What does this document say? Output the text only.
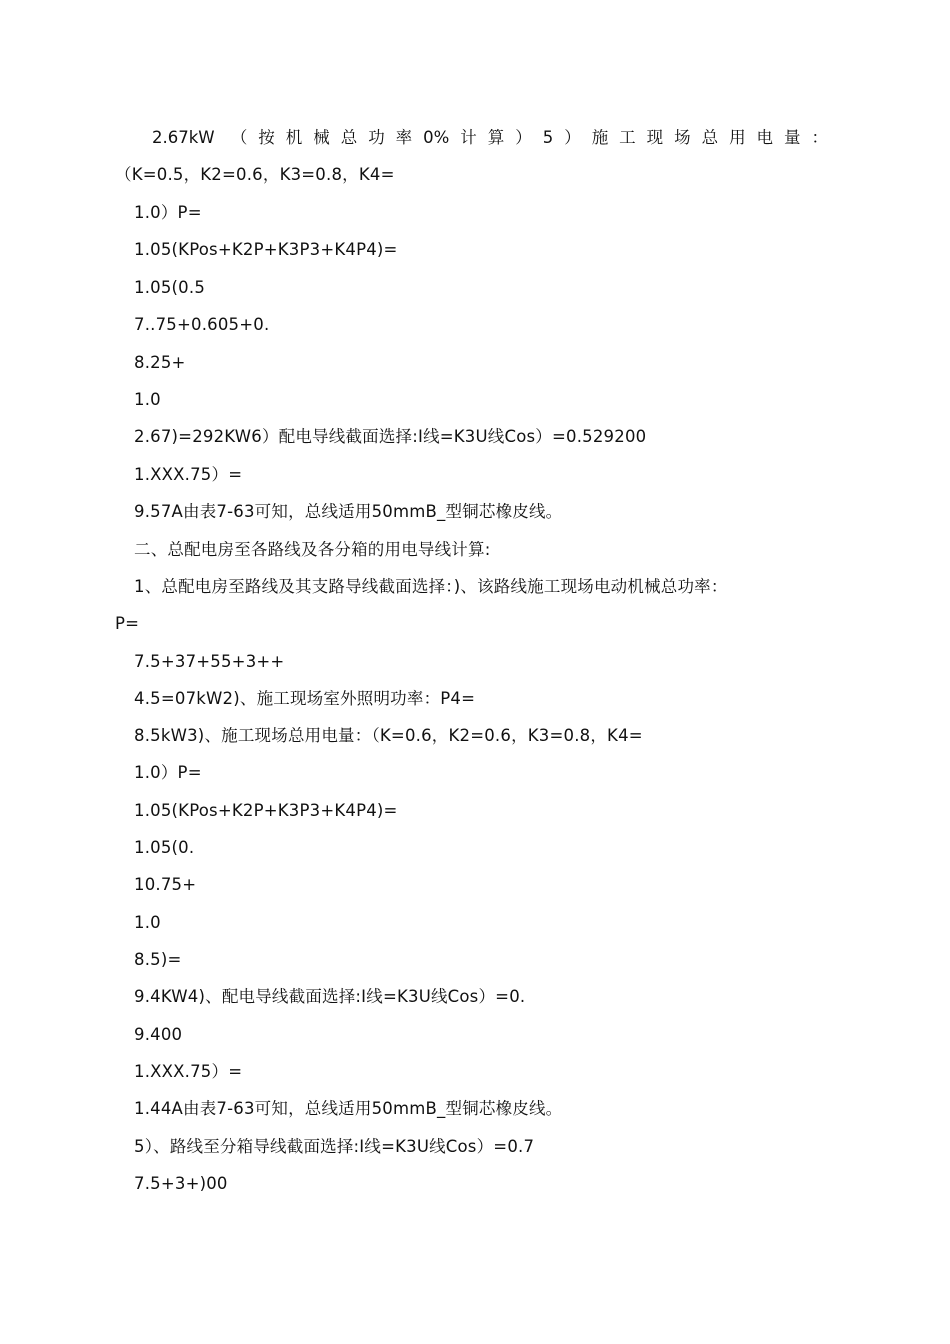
2.67kW （按机械总功率0%计算）5）施工现场总用电量：
（K=0.5，K2=0.6，K3=0.8，K4=
1.0）P=
1.05(KPos+K2P+K3P3+K4P4)=
1.05(0.5
7..75+0.605+0.
8.25+
1.0
2.67)=292KW6）配电导线截面选择:I线=K3U线Cos）=0.529200
1.XXX.75）=
9.57A由表7-63可知，总线适用50mmB_型铜芯橡皮线。
二、总配电房至各路线及各分箱的用电导线计算:
1、总配电房至路线及其支路导线截面选择：)、该路线施工现场电动机械总功率：
P=
7.5+37+55+3++
4.5=07kW2)、施工现场室外照明功率：P4=
8.5kW3)、施工现场总用电量：（K=0.6，K2=0.6，K3=0.8，K4=
1.0）P=
1.05(KPos+K2P+K3P3+K4P4)=
1.05(0.
10.75+
1.0
8.5)=
9.4KW4)、配电导线截面选择:I线=K3U线Cos）=0.
9.400
1.XXX.75）=
1.44A由表7-63可知，总线适用50mmB_型铜芯橡皮线。
5）、路线至分箱导线截面选择:I线=K3U线Cos）=0.7
7.5+3+)00
